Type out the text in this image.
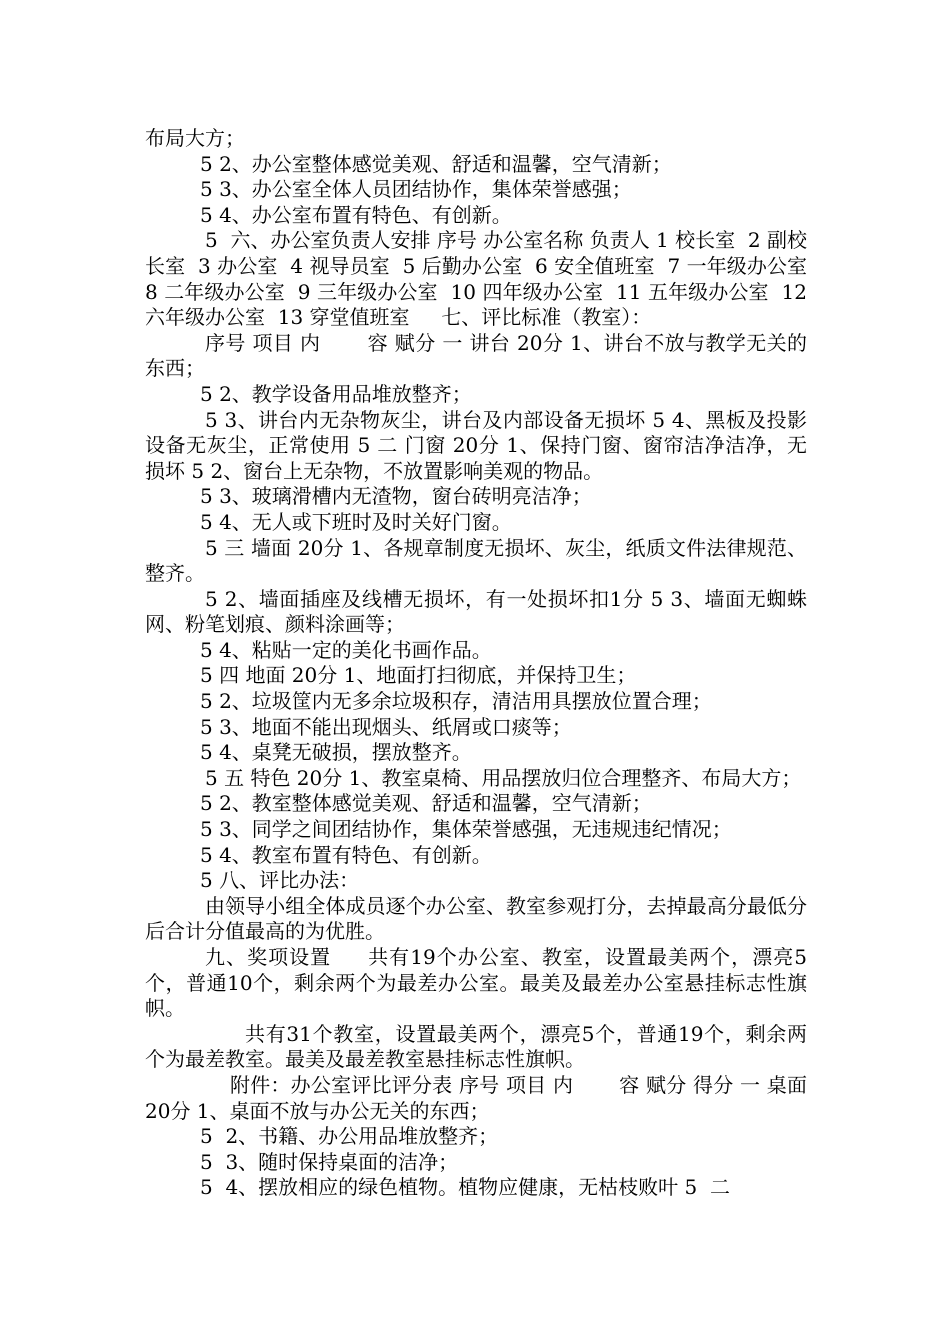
布局大方；

5 2、办公室整体感觉美观、舒适和温馨，空气清新；

5 3、办公室全体人员团结协作，集体荣誉感强；

5 4、办公室布置有特色、有创新。

5  六、办公室负责人安排 序号 办公室名称 负责人 1 校长室  2 副校长室  3 办公室  4 视导员室  5 后勤办公室  6 安全值班室  7 一年级办公室  8 二年级办公室  9 三年级办公室  10 四年级办公室  11 五年级办公室  12 六年级办公室  13 穿堂值班室     七、评比标准（教室）：

序号 项目 内       容 赋分 一 讲台 20分 1、讲台不放与教学无关的东西；

5 2、教学设备用品堆放整齐；

5 3、讲台内无杂物灰尘，讲台及内部设备无损坏 5 4、黑板及投影设备无灰尘，正常使用 5 二 门窗 20分 1、保持门窗、窗帘洁净洁净，无损坏 5 2、窗台上无杂物，不放置影响美观的物品。

5 3、玻璃滑槽内无渣物，窗台砖明亮洁净；

5 4、无人或下班时及时关好门窗。

5 三 墙面 20分 1、各规章制度无损坏、灰尘，纸质文件法律规范、整齐。

5 2、墙面插座及线槽无损坏，有一处损坏扣1分 5 3、墙面无蜘蛛网、粉笔划痕、颜料涂画等；

5 4、粘贴一定的美化书画作品。

5 四 地面 20分 1、地面打扫彻底，并保持卫生；

5 2、垃圾筐内无多余垃圾积存，清洁用具摆放位置合理；

5 3、地面不能出现烟头、纸屑或口痰等；

5 4、桌凳无破损，摆放整齐。

5 五 特色 20分 1、教室桌椅、用品摆放归位合理整齐、布局大方；

5 2、教室整体感觉美观、舒适和温馨，空气清新；

5 3、同学之间团结协作，集体荣誉感强，无违规违纪情况；

5 4、教室布置有特色、有创新。

5 八、评比办法：

由领导小组全体成员逐个办公室、教室参观打分，去掉最高分最低分后合计分值最高的为优胜。

九、奖项设置     共有19个办公室、教室，设置最美两个，漂亮5个，普通10个，剩余两个为最差办公室。最美及最差办公室悬挂标志性旗帜。

共有31个教室，设置最美两个，漂亮5个，普通19个，剩余两个为最差教室。最美及最差教室悬挂标志性旗帜。

附件：办公室评比评分表 序号 项目 内       容 赋分 得分 一 桌面 20分 1、桌面不放与办公无关的东西；

5  2、书籍、办公用品堆放整齐；

5  3、随时保持桌面的洁净；

5  4、摆放相应的绿色植物。植物应健康，无枯枝败叶 5  二
